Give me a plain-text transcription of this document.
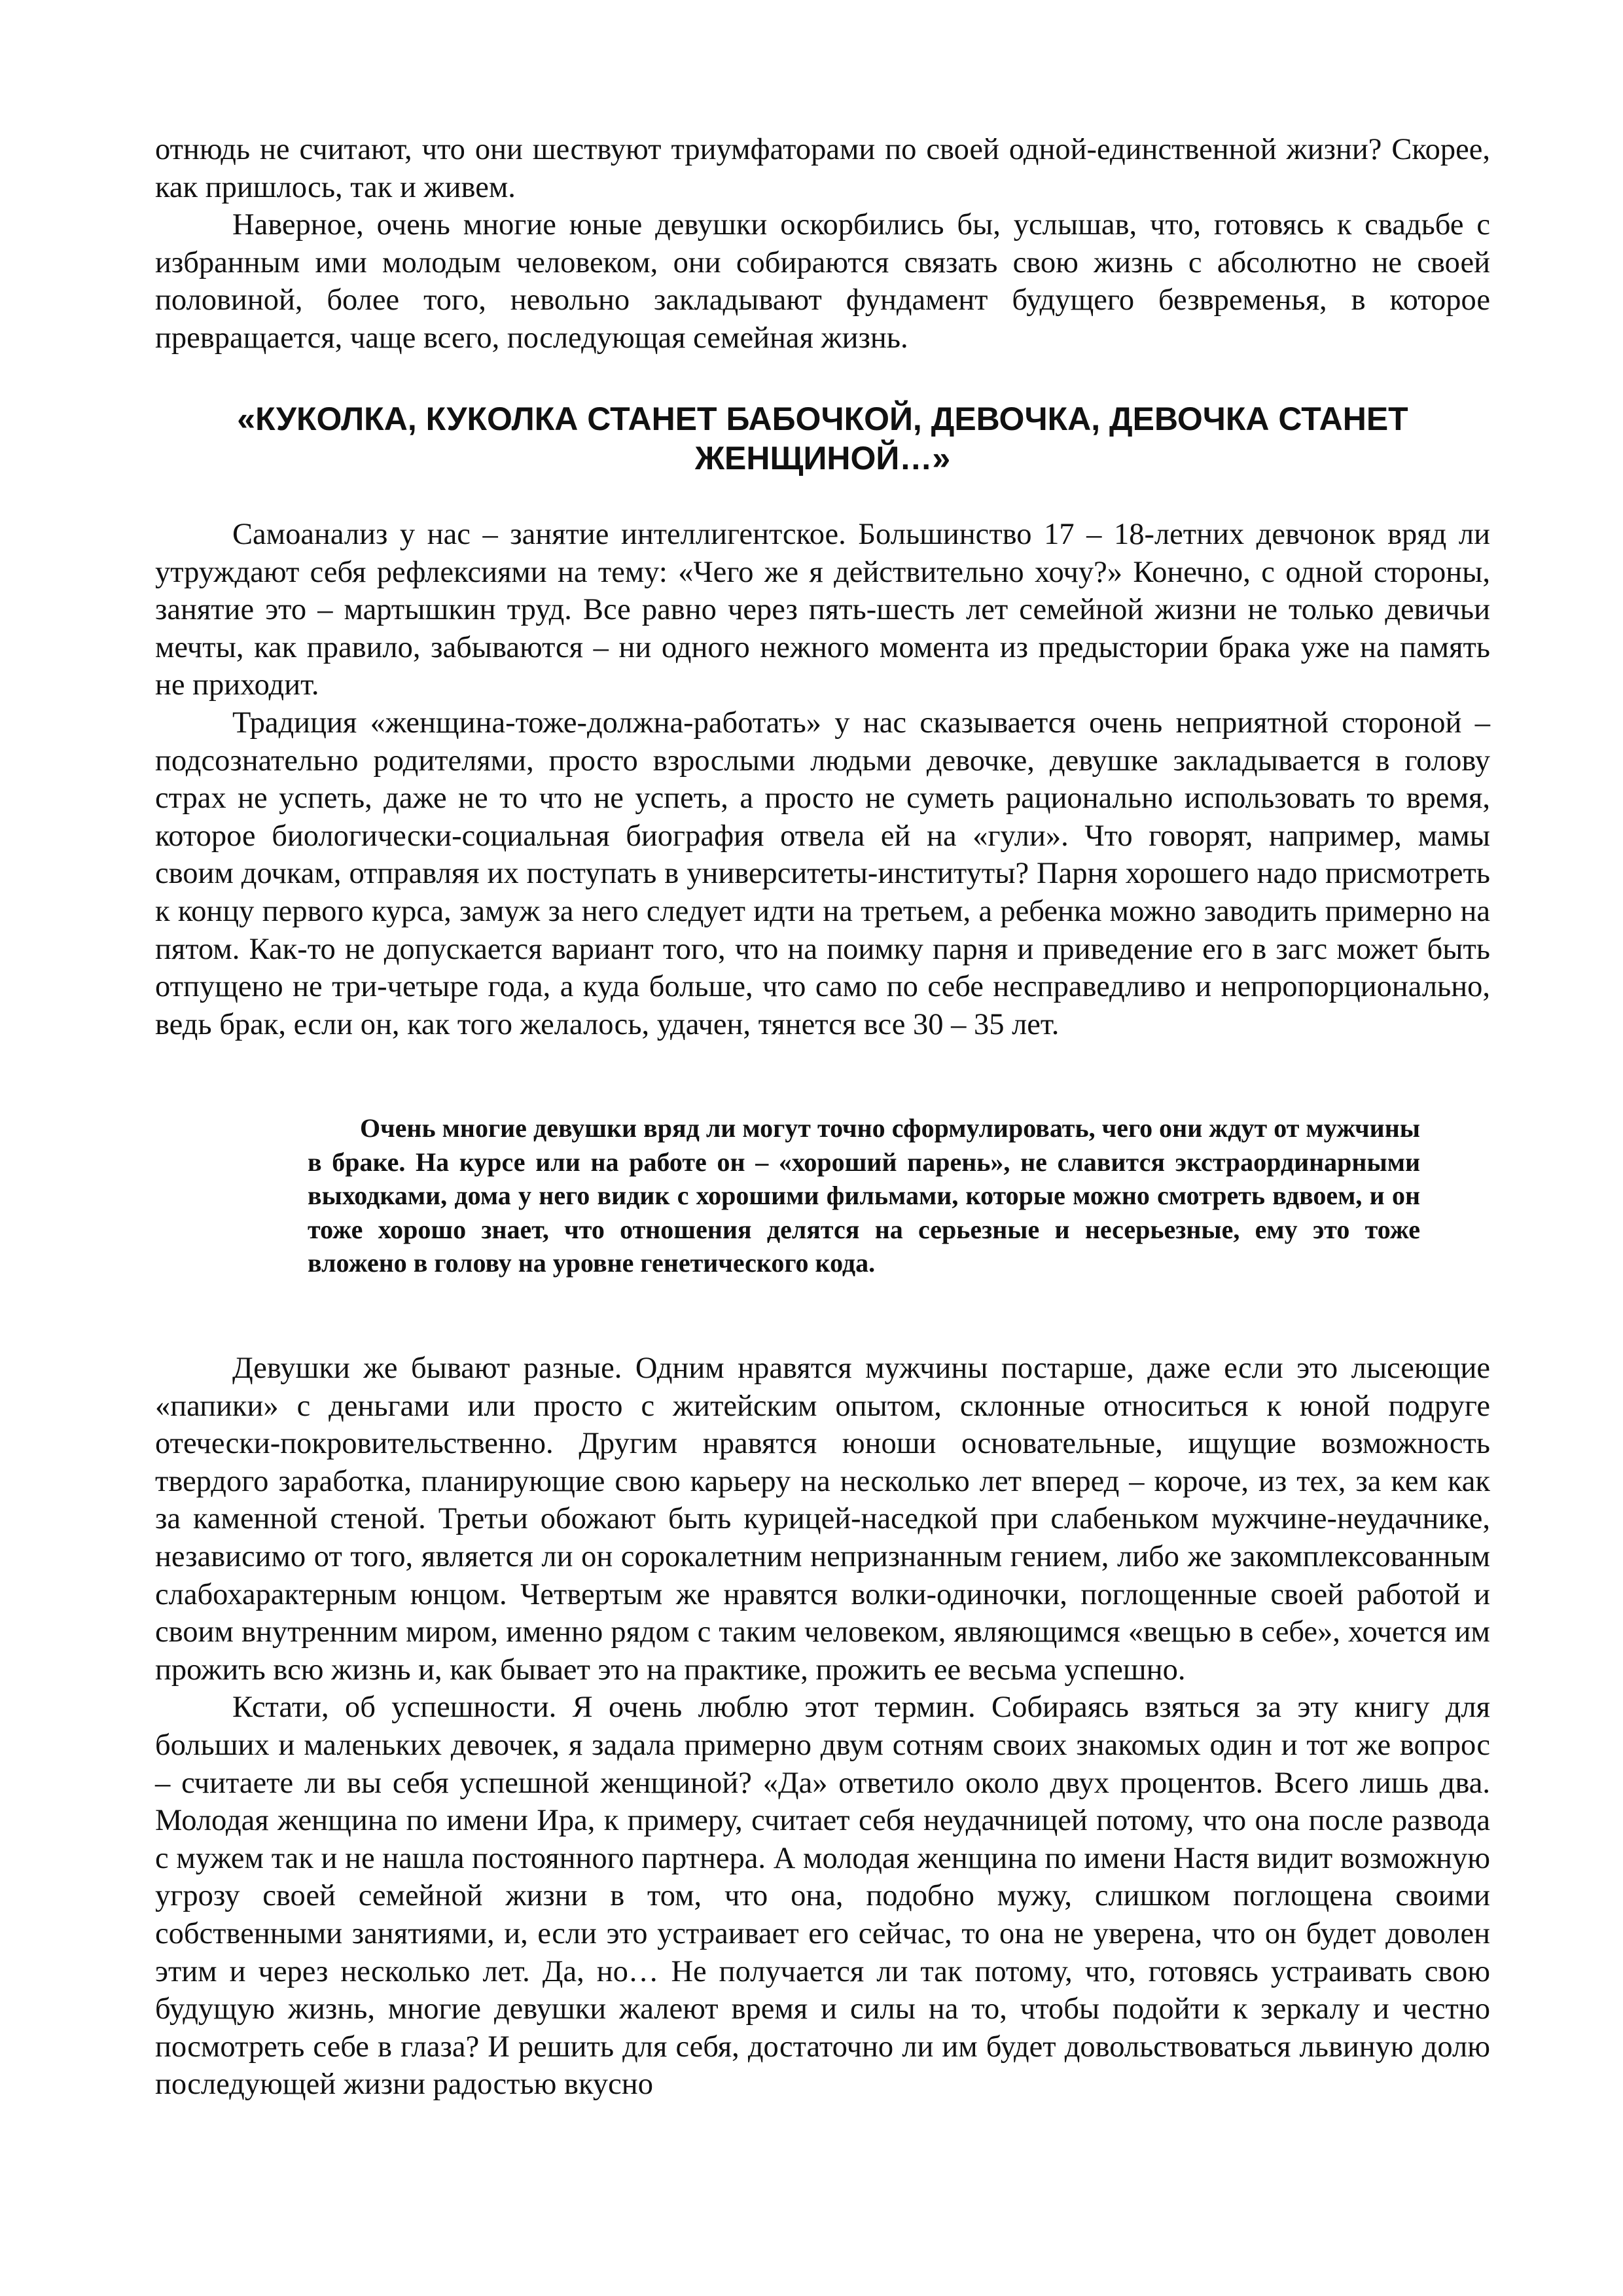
отнюдь не считают, что они шествуют триумфаторами по своей одной-единственной жизни? Скорее, как пришлось, так и живем.

Наверное, очень многие юные девушки оскорбились бы, услышав, что, готовясь к свадьбе с избранным ими молодым человеком, они собираются связать свою жизнь с абсолютно не своей половиной, более того, невольно закладывают фундамент будущего безвременья, в которое превращается, чаще всего, последующая семейная жизнь.

«КУКОЛКА, КУКОЛКА СТАНЕТ БАБОЧКОЙ, ДЕВОЧКА, ДЕВОЧКА СТАНЕТ ЖЕНЩИНОЙ…»

Самоанализ у нас – занятие интеллигентское. Большинство 17 – 18-летних девчонок вряд ли утруждают себя рефлексиями на тему: «Чего же я действительно хочу?» Конечно, с одной стороны, занятие это – мартышкин труд. Все равно через пять-шесть лет семейной жизни не только девичьи мечты, как правило, забываются – ни одного нежного момента из предыстории брака уже на память не приходит.

Традиция «женщина-тоже-должна-работать» у нас сказывается очень неприятной стороной – подсознательно родителями, просто взрослыми людьми девочке, девушке закладывается в голову страх не успеть, даже не то что не успеть, а просто не суметь рационально использовать то время, которое биологически-социальная биография отвела ей на «гули». Что говорят, например, мамы своим дочкам, отправляя их поступать в университеты-институты? Парня хорошего надо присмотреть к концу первого курса, замуж за него следует идти на третьем, а ребенка можно заводить примерно на пятом. Как-то не допускается вариант того, что на поимку парня и приведение его в загс может быть отпущено не три-четыре года, а куда больше, что само по себе несправедливо и непропорционально, ведь брак, если он, как того желалось, удачен, тянется все 30 – 35 лет.

Очень многие девушки вряд ли могут точно сформулировать, чего они ждут от мужчины в браке. На курсе или на работе он – «хороший парень», не славится экстраординарными выходками, дома у него видик с хорошими фильмами, которые можно смотреть вдвоем, и он тоже хорошо знает, что отношения делятся на серьезные и несерьезные, ему это тоже вложено в голову на уровне генетического кода.

Девушки же бывают разные. Одним нравятся мужчины постарше, даже если это лысеющие «папики» с деньгами или просто с житейским опытом, склонные относиться к юной подруге отечески-покровительственно. Другим нравятся юноши основательные, ищущие возможность твердого заработка, планирующие свою карьеру на несколько лет вперед – короче, из тех, за кем как за каменной стеной. Третьи обожают быть курицей-наседкой при слабеньком мужчине-неудачнике, независимо от того, является ли он сорокалетним непризнанным гением, либо же закомплексованным слабохарактерным юнцом. Четвертым же нравятся волки-одиночки, поглощенные своей работой и своим внутренним миром, именно рядом с таким человеком, являющимся «вещью в себе», хочется им прожить всю жизнь и, как бывает это на практике, прожить ее весьма успешно.

Кстати, об успешности. Я очень люблю этот термин. Собираясь взяться за эту книгу для больших и маленьких девочек, я задала примерно двум сотням своих знакомых один и тот же вопрос – считаете ли вы себя успешной женщиной? «Да» ответило около двух процентов. Всего лишь два. Молодая женщина по имени Ира, к примеру, считает себя неудачницей потому, что она после развода с мужем так и не нашла постоянного партнера. А молодая женщина по имени Настя видит возможную угрозу своей семейной жизни в том, что она, подобно мужу, слишком поглощена своими собственными занятиями, и, если это устраивает его сейчас, то она не уверена, что он будет доволен этим и через несколько лет. Да, но… Не получается ли так потому, что, готовясь устраивать свою будущую жизнь, многие девушки жалеют время и силы на то, чтобы подойти к зеркалу и честно посмотреть себе в глаза? И решить для себя, достаточно ли им будет довольствоваться львиную долю последующей жизни радостью вкусно
